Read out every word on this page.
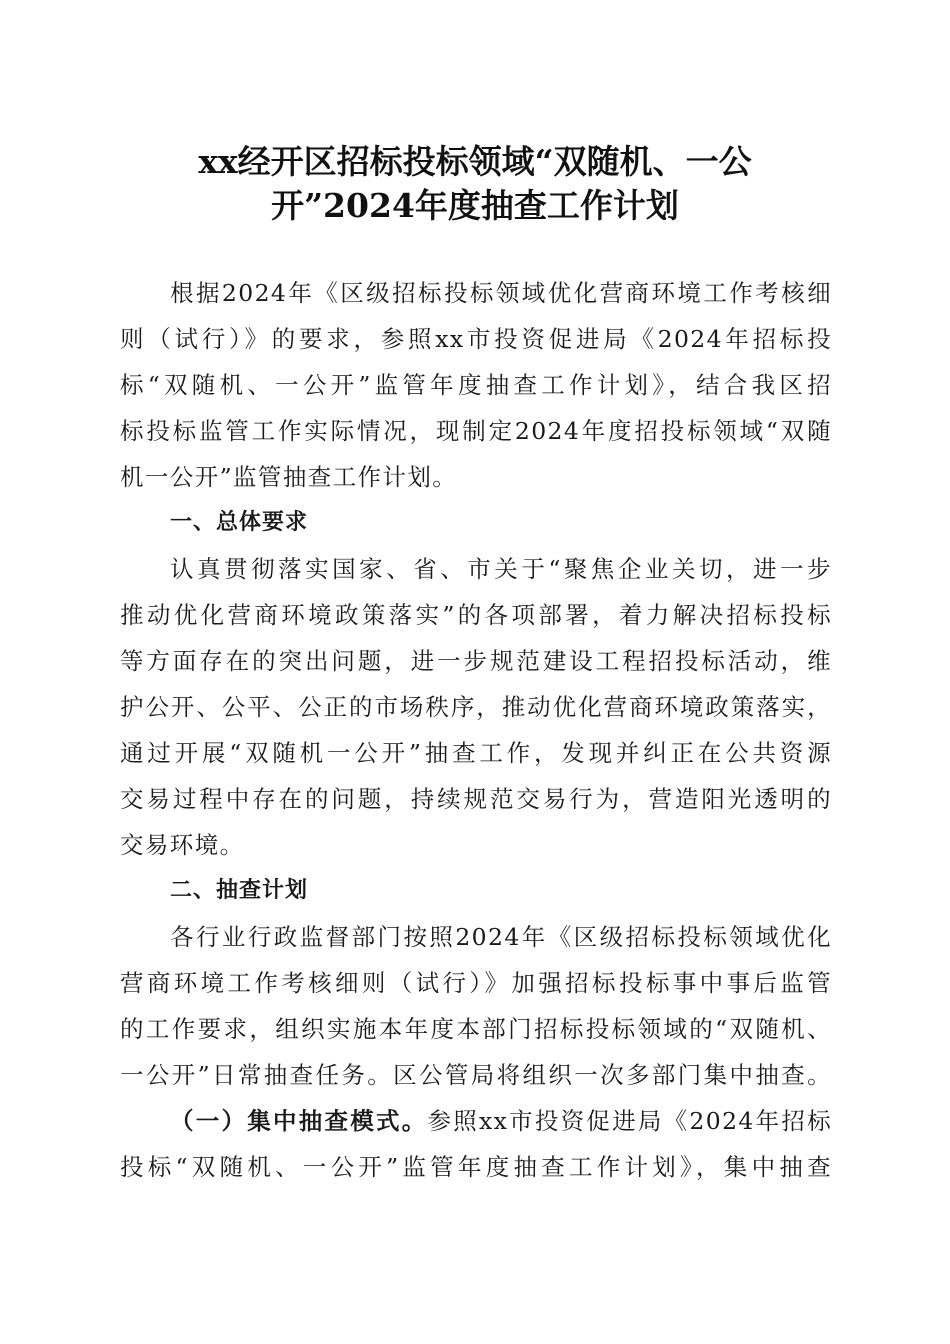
xx经开区招标投标领域“双随机、一公
开”2024年度抽查工作计划
根据2024年《区级招标投标领域优化营商环境工作考核细
则（试行）》的要求，参照xx市投资促进局《2024年招标投
标“双随机、一公开”监管年度抽查工作计划》，结合我区招
标投标监管工作实际情况，现制定2024年度招投标领域“双随
机一公开”监管抽查工作计划。
一、总体要求
认真贯彻落实国家、省、市关于“聚焦企业关切，进一步
推动优化营商环境政策落实”的各项部署，着力解决招标投标
等方面存在的突出问题，进一步规范建设工程招投标活动，维
护公开、公平、公正的市场秩序，推动优化营商环境政策落实，
通过开展“双随机一公开”抽查工作，发现并纠正在公共资源
交易过程中存在的问题，持续规范交易行为，营造阳光透明的
交易环境。
二、抽查计划
各行业行政监督部门按照2024年《区级招标投标领域优化
营商环境工作考核细则（试行）》加强招标投标事中事后监管
的工作要求，组织实施本年度本部门招标投标领域的“双随机、
一公开”日常抽查任务。区公管局将组织一次多部门集中抽查。
（一）集中抽查模式。参照xx市投资促进局《2024年招标
投标“双随机、一公开”监管年度抽查工作计划》，集中抽查
